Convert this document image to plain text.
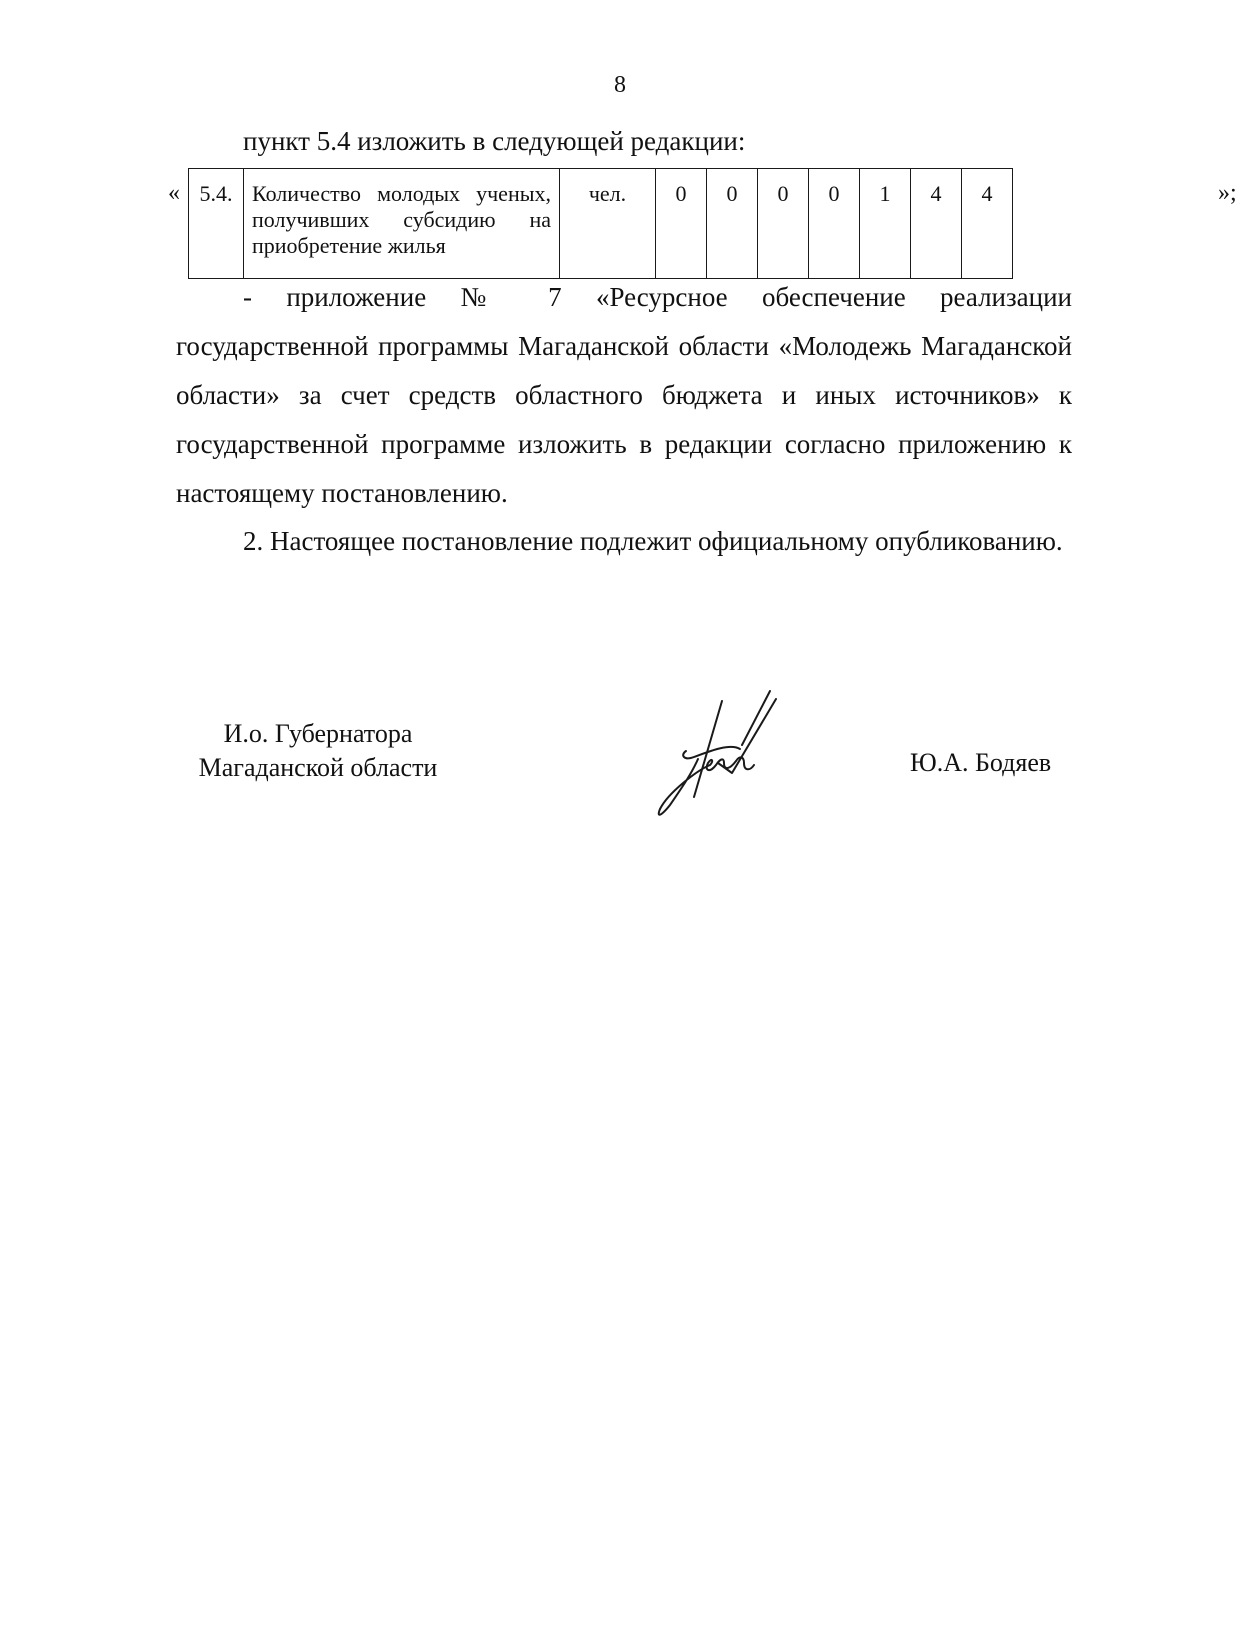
8
пункт 5.4 изложить в следующей редакции:
« 5.4.	Количество молодых ученых, получивших субсидию на приобретение жилья	чел.	0	0	0	0	1	4	4	»;

- приложение № 7 «Ресурсное обеспечение реализации государственной программы Магаданской области «Молодежь Магаданской области» за счет средств областного бюджета и иных источников» к государственной программе изложить в редакции согласно приложению к настоящему постановлению.

2. Настоящее постановление подлежит официальному опубликованию.

И.о. Губернатора
Магаданской области	Ю.А. Бодяев
